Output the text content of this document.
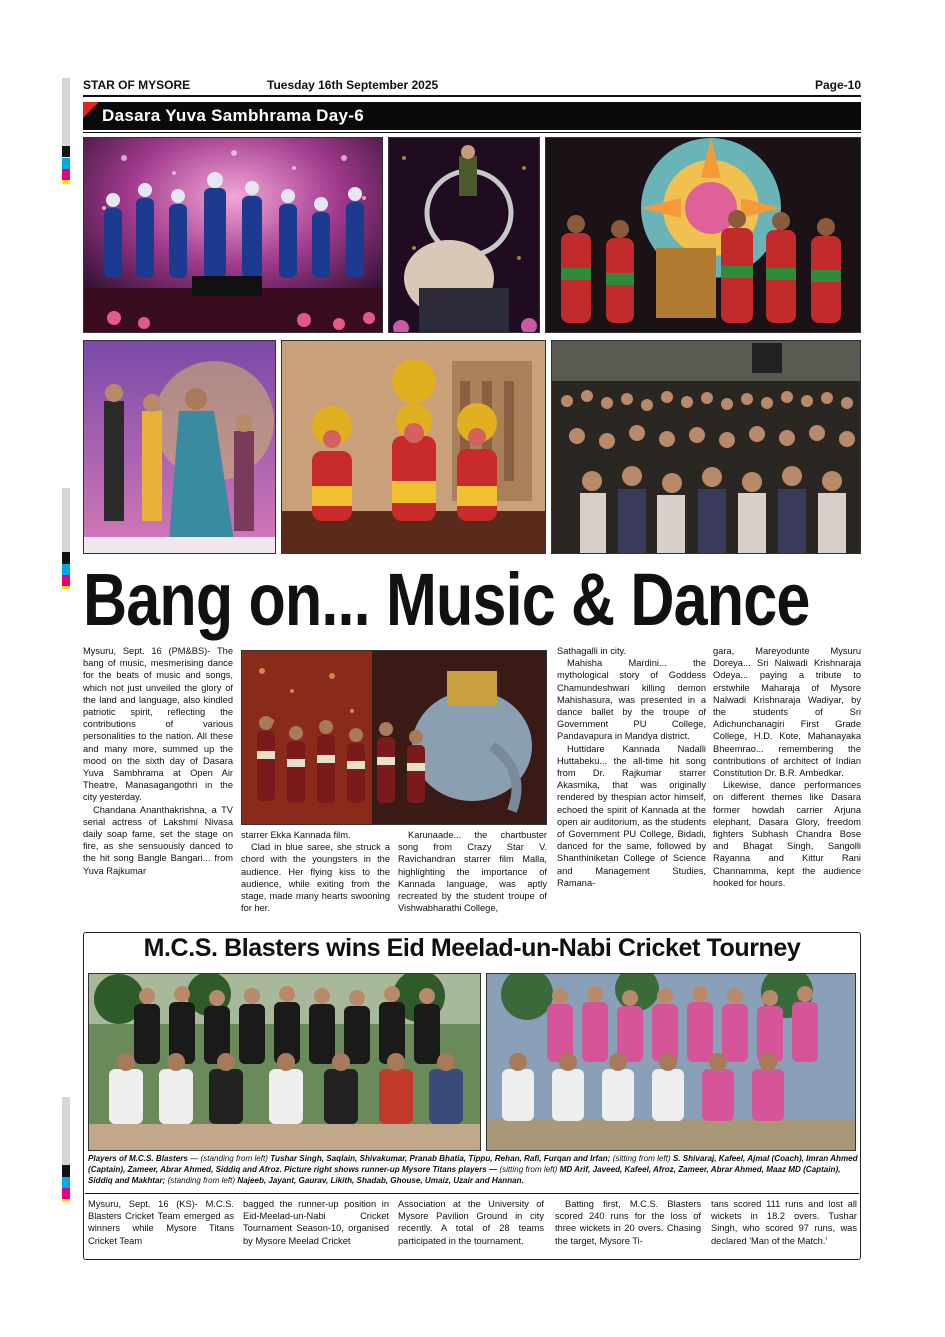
STAR OF MYSORE	Tuesday 16th September 2025	Page-10
Dasara Yuva Sambhrama Day-6
Bang on... Music & Dance

Mysuru, Sept. 16 (PM&BS)- The bang of music, mesmerising dance for the beats of music and songs, which not just unveiled the glory of the land and language, also kindled patriotic spirit, reflecting the contributions of various personalities to the nation. All these and many more, summed up the mood on the sixth day of Dasara Yuva Sambhrama at Open Air Theatre, Manasagangothri in the city yesterday.

Chandana Ananthakrishna, a TV serial actress of Lakshmi Nivasa daily soap fame, set the stage on fire, as she sensuously danced to the hit song Bangle Bangari... from Yuva Rajkumar

starrer Ekka Kannada film.

Clad in blue saree, she struck a chord with the youngsters in the audience. Her flying kiss to the audience, while exiting from the stage, made many hearts swooning for her.

Karunaade... the chartbuster song from Crazy Star V. Ravichandran starrer film Malla, highlighting the importance of Kannada language, was aptly recreated by the student troupe of Vishwabharathi College,

Sathagalli in city.

Mahisha Mardini... the mythological story of Goddess Chamundeshwari killing demon Mahishasura, was presented in a dance ballet by the troupe of Government PU College, Pandavapura in Mandya district.

Huttidare Kannada Nadalli Huttabeku... the all-time hit song from Dr. Rajkumar starrer Akasmika, that was originally rendered by thespian actor himself, echoed the spirit of Kannada at the open air auditorium, as the students of Government PU College, Bidadi, danced for the same, followed by Shanthiniketan College of Science and Management Studies, Ramana-

gara, Mareyodunte Mysuru Doreya... Sri Nalwadi Krishnaraja Odeya... paying a tribute to erstwhile Maharaja of Mysore Nalwadi Krishnaraja Wadiyar, by the students of Sri Adichunchanagiri First Grade College, H.D. Kote, Mahanayaka Bheemrao... remembering the contributions of architect of Indian Constitution Dr. B.R. Ambedkar.

Likewise, dance performances on different themes like Dasara former howdah carrier Arjuna elephant, Dasara Glory, freedom fighters Subhash Chandra Bose and Bhagat Singh, Sangolli Rayanna and Kittur Rani Channamma, kept the audience hooked for hours.

M.C.S. Blasters wins Eid Meelad-un-Nabi Cricket Tourney
Players of M.C.S. Blasters — (standing from left) Tushar Singh, Saqlain, Shivakumar, Pranab Bhatia, Tippu, Rehan, Rafi, Furqan and Irfan; (sitting from left) S. Shivaraj, Kafeel, Ajmal (Coach), Imran Ahmed (Captain), Zameer, Abrar Ahmed, Siddiq and Afroz. Picture right shows runner-up Mysore Titans players — (sitting from left) MD Arif, Javeed, Kafeel, Afroz, Zameer, Abrar Ahmed, Maaz MD (Captain), Siddiq and Makhtar; (standing from left) Najeeb, Jayant, Gaurav, Likith, Shadab, Ghouse, Umaiz, Uzair and Hannan.

Mysuru, Sept. 16 (KS)- M.C.S. Blasters Cricket Team emerged as winners while Mysore Titans Cricket Team

bagged the runner-up position in Eid-Meelad-un-Nabi Cricket Tournament Season-10, organised by Mysore Meelad Cricket

Association at the University of Mysore Pavilion Ground in city recently. A total of 28 teams participated in the tournament.

Batting first, M.C.S. Blasters scored 240 runs for the loss of three wickets in 20 overs. Chasing the target, Mysore Ti-

tans scored 111 runs and lost all wickets in 18.2 overs. Tushar Singh, who scored 97 runs, was declared 'Man of the Match.'
